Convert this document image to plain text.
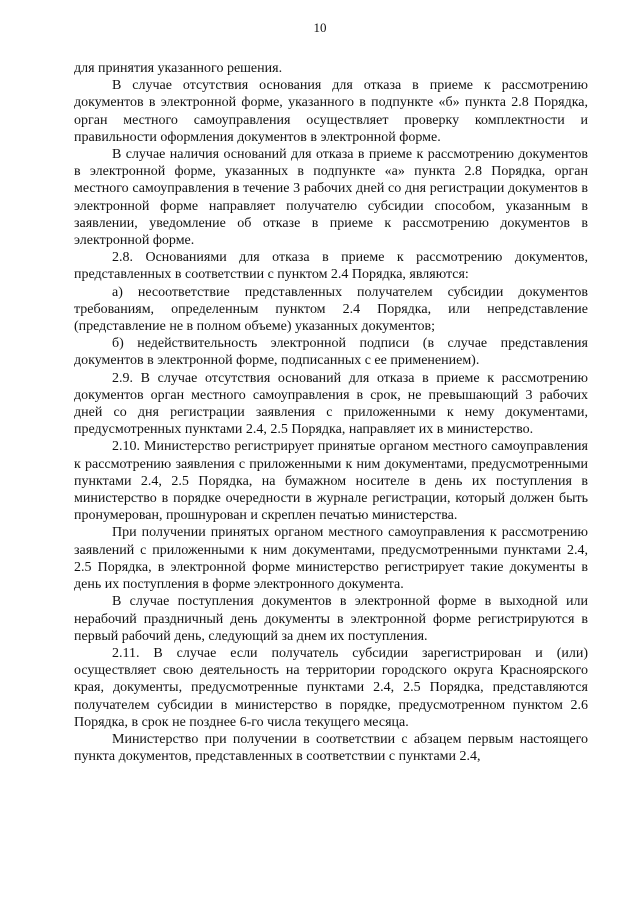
10

для принятия указанного решения.

В случае отсутствия основания для отказа в приеме к рассмотрению документов в электронной форме, указанного в подпункте «б» пункта 2.8 Порядка, орган местного самоуправления осуществляет проверку комплектности и правильности оформления документов в электронной форме.

В случае наличия оснований для отказа в приеме к рассмотрению документов в электронной форме, указанных в подпункте «а» пункта 2.8 Порядка, орган местного самоуправления в течение 3 рабочих дней со дня регистрации документов в электронной форме направляет получателю субсидии способом, указанным в заявлении, уведомление об отказе в приеме к рассмотрению документов в электронной форме.

2.8. Основаниями для отказа в приеме к рассмотрению документов, представленных в соответствии с пунктом 2.4 Порядка, являются:

а) несоответствие представленных получателем субсидии документов требованиям, определенным пунктом 2.4 Порядка, или непредставление (представление не в полном объеме) указанных документов;

б) недействительность электронной подписи (в случае представления документов в электронной форме, подписанных с ее применением).

2.9. В случае отсутствия оснований для отказа в приеме к рассмотрению документов орган местного самоуправления в срок, не превышающий 3 рабочих дней со дня регистрации заявления с приложенными к нему документами, предусмотренных пунктами 2.4, 2.5 Порядка, направляет их в министерство.

2.10. Министерство регистрирует принятые органом местного самоуправления к рассмотрению заявления с приложенными к ним документами, предусмотренными пунктами 2.4, 2.5 Порядка, на бумажном носителе в день их поступления в министерство в порядке очередности в журнале регистрации, который должен быть пронумерован, прошнурован и скреплен печатью министерства.

При получении принятых органом местного самоуправления к рассмотрению заявлений с приложенными к ним документами, предусмотренными пунктами 2.4, 2.5 Порядка, в электронной форме министерство регистрирует такие документы в день их поступления в форме электронного документа.

В случае поступления документов в электронной форме в выходной или нерабочий праздничный день документы в электронной форме регистрируются в первый рабочий день, следующий за днем их поступления.

2.11. В случае если получатель субсидии зарегистрирован и (или) осуществляет свою деятельность на территории городского округа Красноярского края, документы, предусмотренные пунктами 2.4, 2.5 Порядка, представляются получателем субсидии в министерство в порядке, предусмотренном пунктом 2.6 Порядка, в срок не позднее 6-го числа текущего месяца.

Министерство при получении в соответствии с абзацем первым настоящего пункта документов, представленных в соответствии с пунктами 2.4,
